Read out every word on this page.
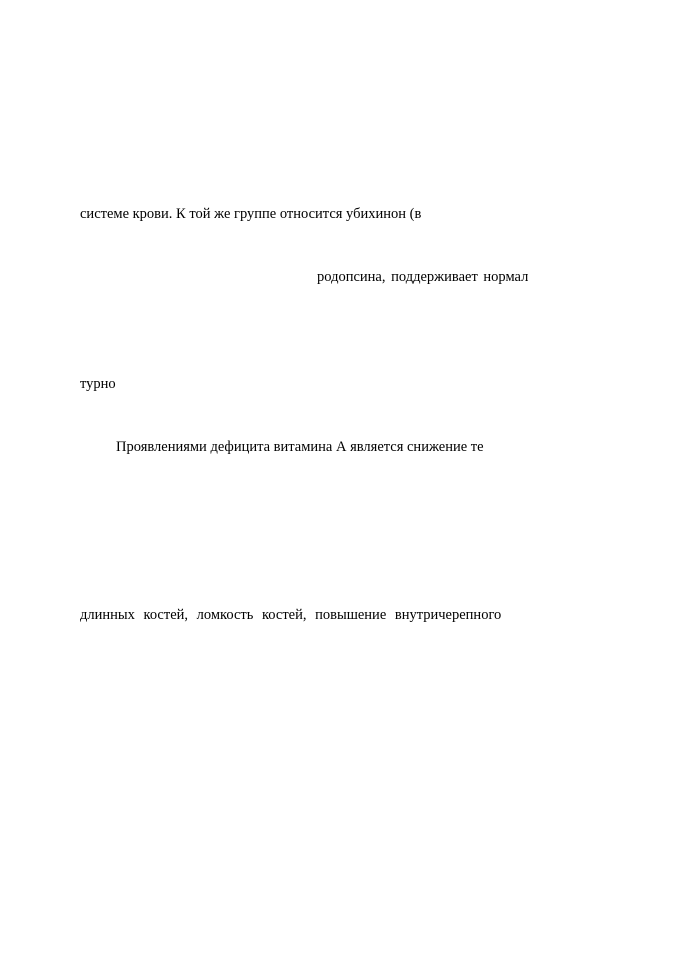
системе крови. К той же группе относится убихинон (в
родопсина, поддерживает нормал
турно
Проявлениями дефицита витамина А является снижение те
длинных костей, ломкость костей, повышение внутричерепного
